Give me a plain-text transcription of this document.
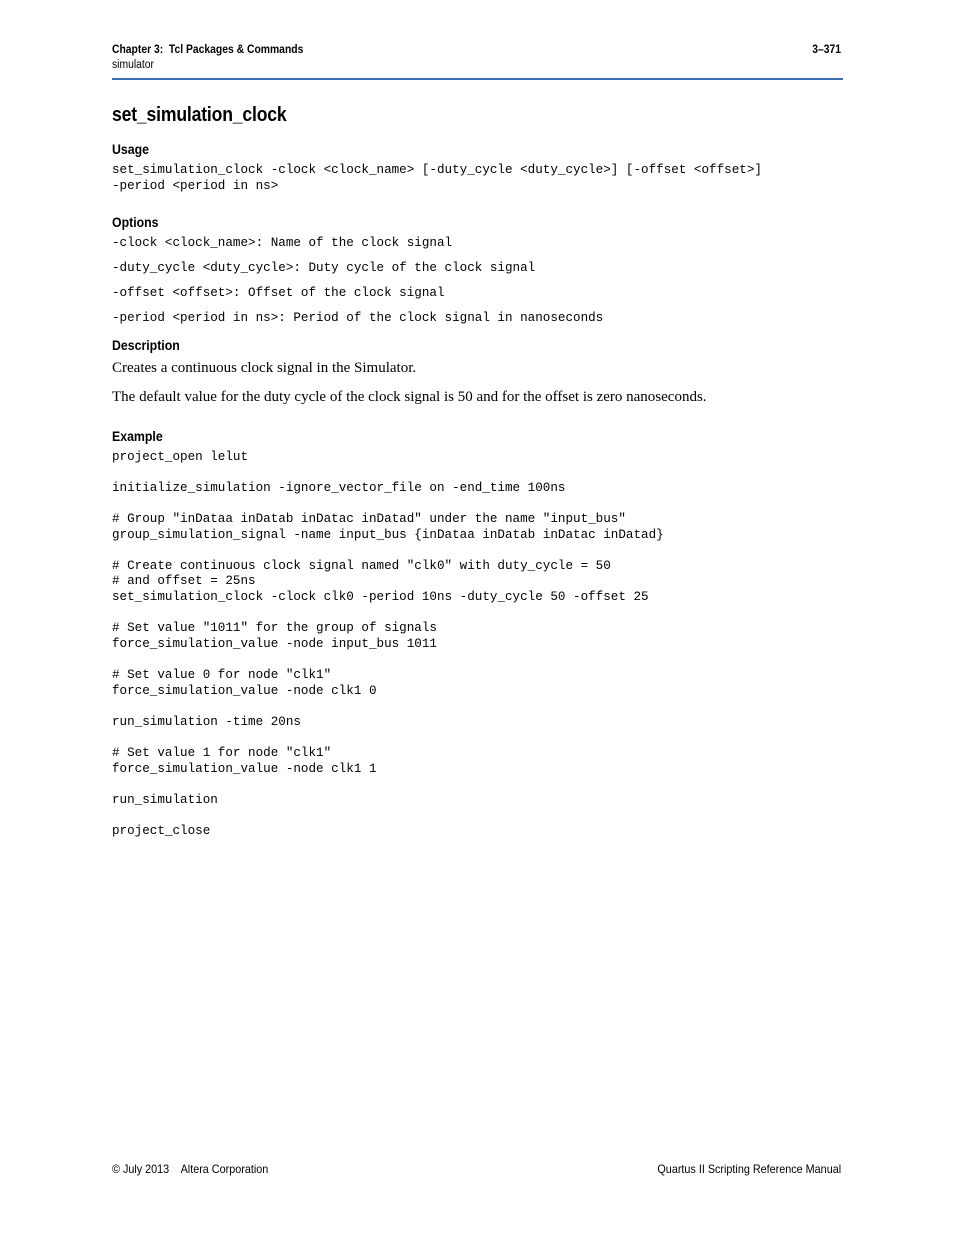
Chapter 3:  Tcl Packages & Commands
simulator
3–371
set_simulation_clock
Usage
set_simulation_clock -clock <clock_name> [-duty_cycle <duty_cycle>] [-offset <offset>]
-period <period in ns>
Options
-clock <clock_name>: Name of the clock signal
-duty_cycle <duty_cycle>: Duty cycle of the clock signal
-offset <offset>: Offset of the clock signal
-period <period in ns>: Period of the clock signal in nanoseconds
Description

Creates a continuous clock signal in the Simulator.

The default value for the duty cycle of the clock signal is 50 and for the offset is zero nanoseconds.

Example
project_open lelut
initialize_simulation -ignore_vector_file on -end_time 100ns
# Group "inDataa inDatab inDatac inDatad" under the name "input_bus"
group_simulation_signal -name input_bus {inDataa inDatab inDatac inDatad}
# Create continuous clock signal named "clk0" with duty_cycle = 50
# and offset = 25ns
set_simulation_clock -clock clk0 -period 10ns -duty_cycle 50 -offset 25
# Set value "1011" for the group of signals
force_simulation_value -node input_bus 1011
# Set value 0 for node "clk1"
force_simulation_value -node clk1 0
run_simulation -time 20ns
# Set value 1 for node "clk1"
force_simulation_value -node clk1 1
run_simulation
project_close
© July 2013    Altera Corporation	Quartus II Scripting Reference Manual
